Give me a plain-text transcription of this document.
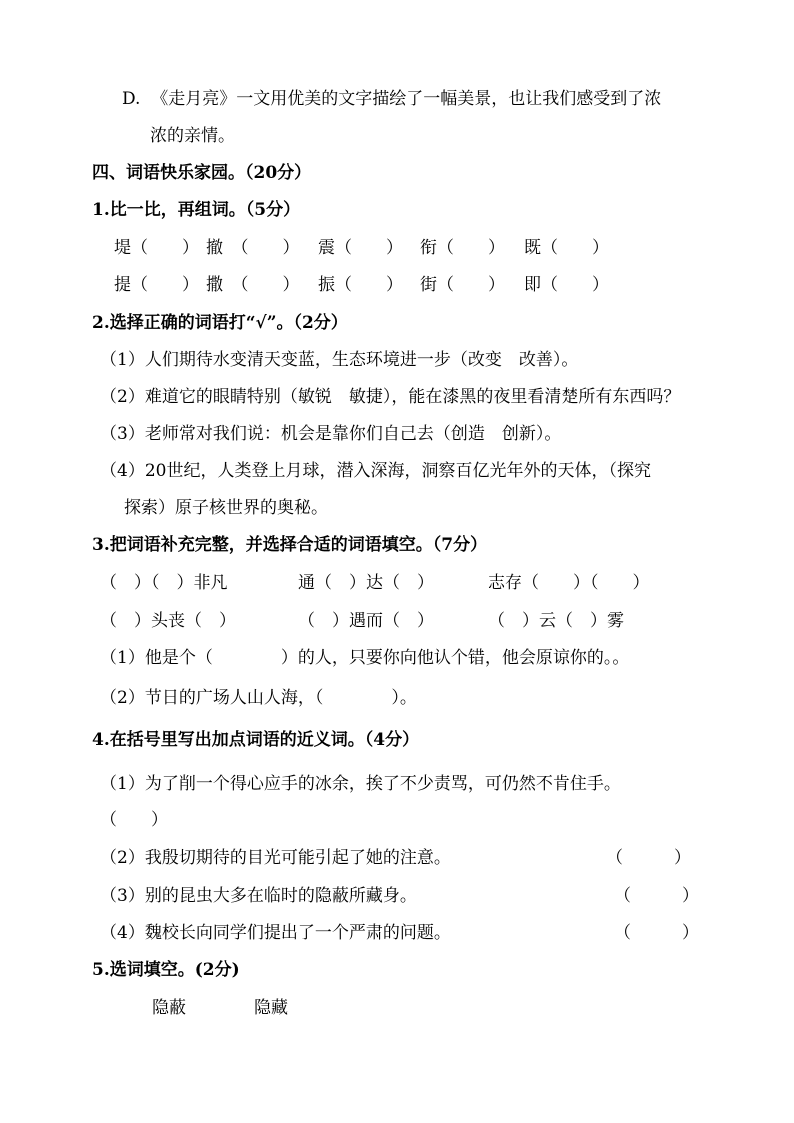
D.  《走月亮》一文用优美的文字描绘了一幅美景，也让我们感受到了浓
浓的亲情。
四、词语快乐家园。（20分）
1.比一比，再组词。（5分）
堤（　　） 撤　（　　） 震（　　） 衔（　　） 既（　　）
提（　　） 撒　（　　） 振（　　） 街（　　） 即（　　）
2.选择正确的词语打“√”。（2分）
（1）人们期待水变清天变蓝，生态环境进一步（改变　改善）。
（2）难道它的眼睛特别（敏锐　敏捷），能在漆黑的夜里看清楚所有东西吗？
（3）老师常对我们说：机会是靠你们自己去（创造　创新）。
（4）20世纪，人类登上月球，潜入深海，洞察百亿光年外的天体，（探究
探索）原子核世界的奥秘。
3.把词语补充完整，并选择合适的词语填空。（7分）
（　）（　）非凡	通（　）达（　）	志存（　　）（　　）
（　）头丧（　）	（　）遇而（　）	（　）云（　）雾
（1）他是个（　　　　）的人，只要你向他认个错，他会原谅你的。。
（2）节日的广场人山人海，（　　　　）。
4.在括号里写出加点词语的近义词。（4分）
（1）为了削一个得心应手的冰余，挨了不少责骂，可仍然不肯住手。
（　　）
（2）我殷切期待的目光可能引起了她的注意。	（　　　）
（3）别的昆虫大多在临时的隐蔽所藏身。	（　　　）
（4）魏校长向同学们提出了一个严肃的问题。	（　　　）
5.选词填空。(2分)
隐蔽	隐藏
